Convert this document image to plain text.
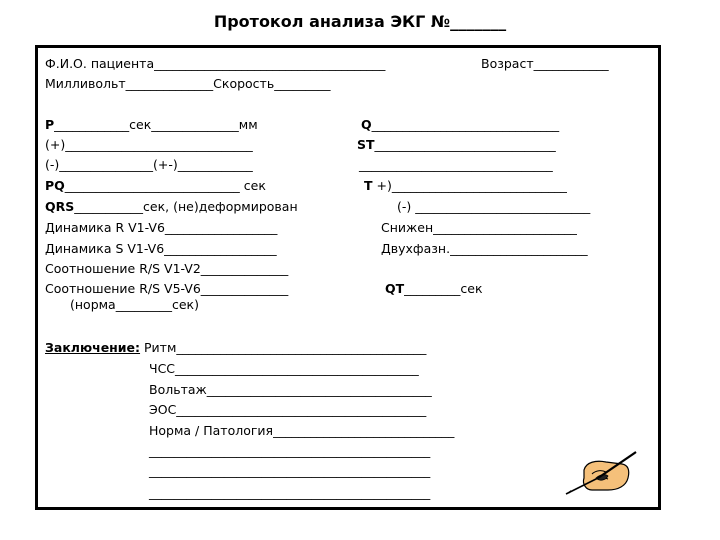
Протокол анализа ЭКГ №_______
Ф.И.О. пациента_____________________________________
Милливольт______________Скорость_________
P____________сек______________мм
(+)______________________________
(-)_______________(+-)____________
PQ____________________________ сек
QRS___________сек, (не)деформирован
Динамика R V1-V6__________________
Динамика S V1-V6__________________
Соотношение R/S V1-V2______________
Соотношение R/S V5-V6______________
(норма_________сек)
Возраст____________
Q______________________________
ST_____________________________
_______________________________
T +)____________________________
(-) ____________________________
Снижен_______________________
Двухфазн.______________________
QT_________сек
Заключение: Ритм________________________________________
ЧСС_______________________________________
Вольтаж____________________________________
ЭОС________________________________________
Норма / Патология_____________________________
_____________________________________________
_____________________________________________
_____________________________________________
